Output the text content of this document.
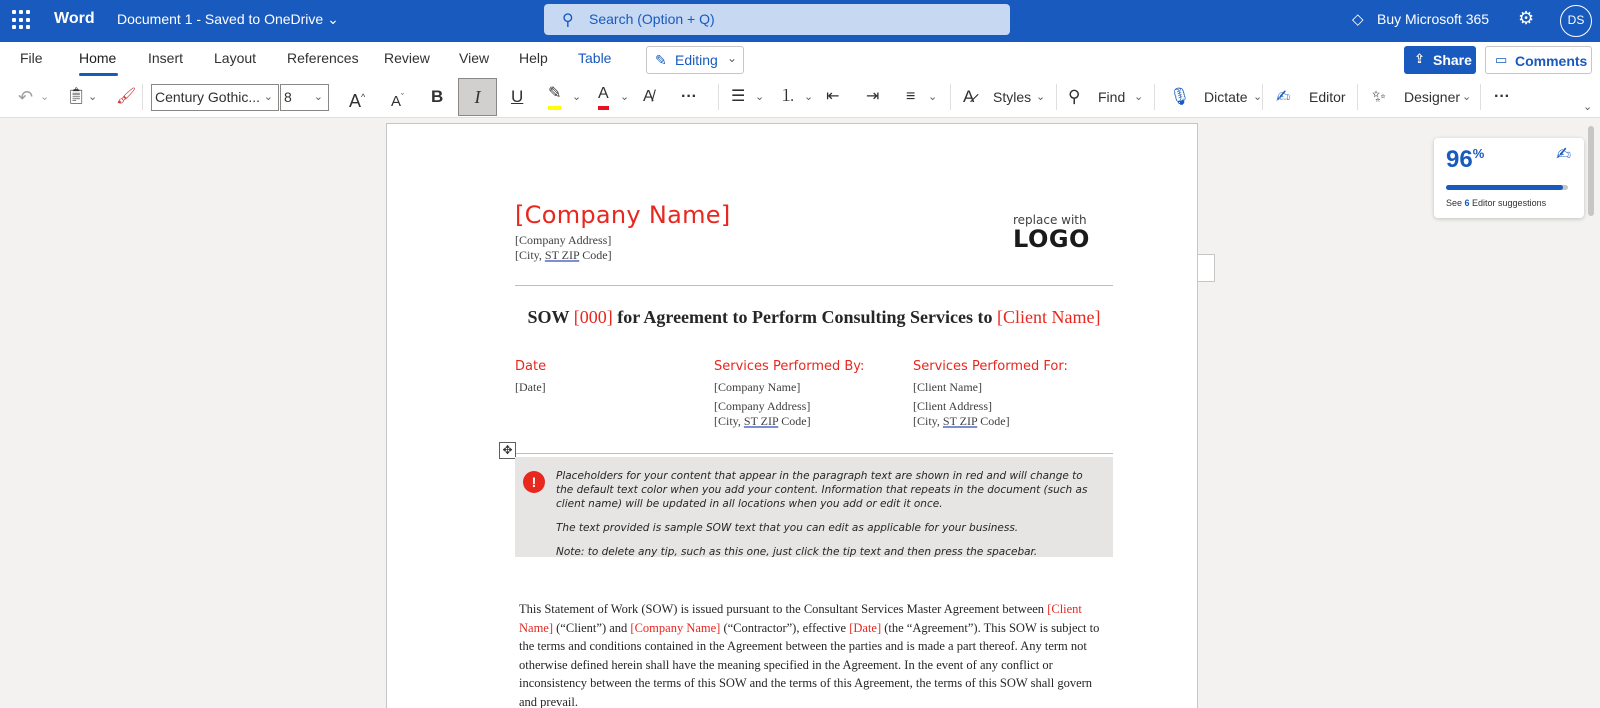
Word Document 1 - Saved to OneDrive ⌄	⚲ Search (Option + Q)	◇ Buy Microsoft 365 ⚙	DS
File	Home Insert Layout References Review View Help Table	✎ Editing ⌄	⇪ Share ▭ Comments
↶ ⌄ 📋︎ ⌄ 🖌︎ Century Gothic... ⌄ 8 ⌄ A^ $A^ˇ$ B	I	U ✎ ⌄ A ⌄ A̸ ··· ☰ ⌄ ⒈ ⌄ ⇤ ⇥ ≡ ⌄ A̷ Styles ⌄ ⚲ Find ⌄ 🎙︎ Dictate ⌄ ✍ Editor ✨︎ Designer ⌄ ···
⌄
[Company Name]
[Company Address]
[City, ST ZIP Code]
replace with
LOGO
SOW [000] for Agreement to Perform Consulting Services to [Client Name]
Date
[Date]
Services Performed By:
[Company Name]
[Company Address]
[City, ST ZIP Code]
Services Performed For:
[Client Name]
[Client Address]
[City, ST ZIP Code]
✥
!	Placeholders for your content that appear in the paragraph text are shown in red and will change to the default text color when you add your content. Information that repeats in the document (such as client name) will be updated in all locations when you add or edit it once.

The text provided is sample SOW text that you can edit as applicable for your business.

Note: to delete any tip, such as this one, just click the tip text and then press the spacebar.

This Statement of Work (SOW) is issued pursuant to the Consultant Services Master Agreement between [Client Name] (“Client”) and [Company Name] (“Contractor”), effective [Date] (the “Agreement”). This SOW is subject to the terms and conditions contained in the Agreement between the parties and is made a part thereof. Any term not otherwise defined herein shall have the meaning specified in the Agreement. In the event of any conflict or inconsistency between the terms of this SOW and the terms of this Agreement, the terms of this SOW shall govern and prevail.
96%	✍
See 6 Editor suggestions
